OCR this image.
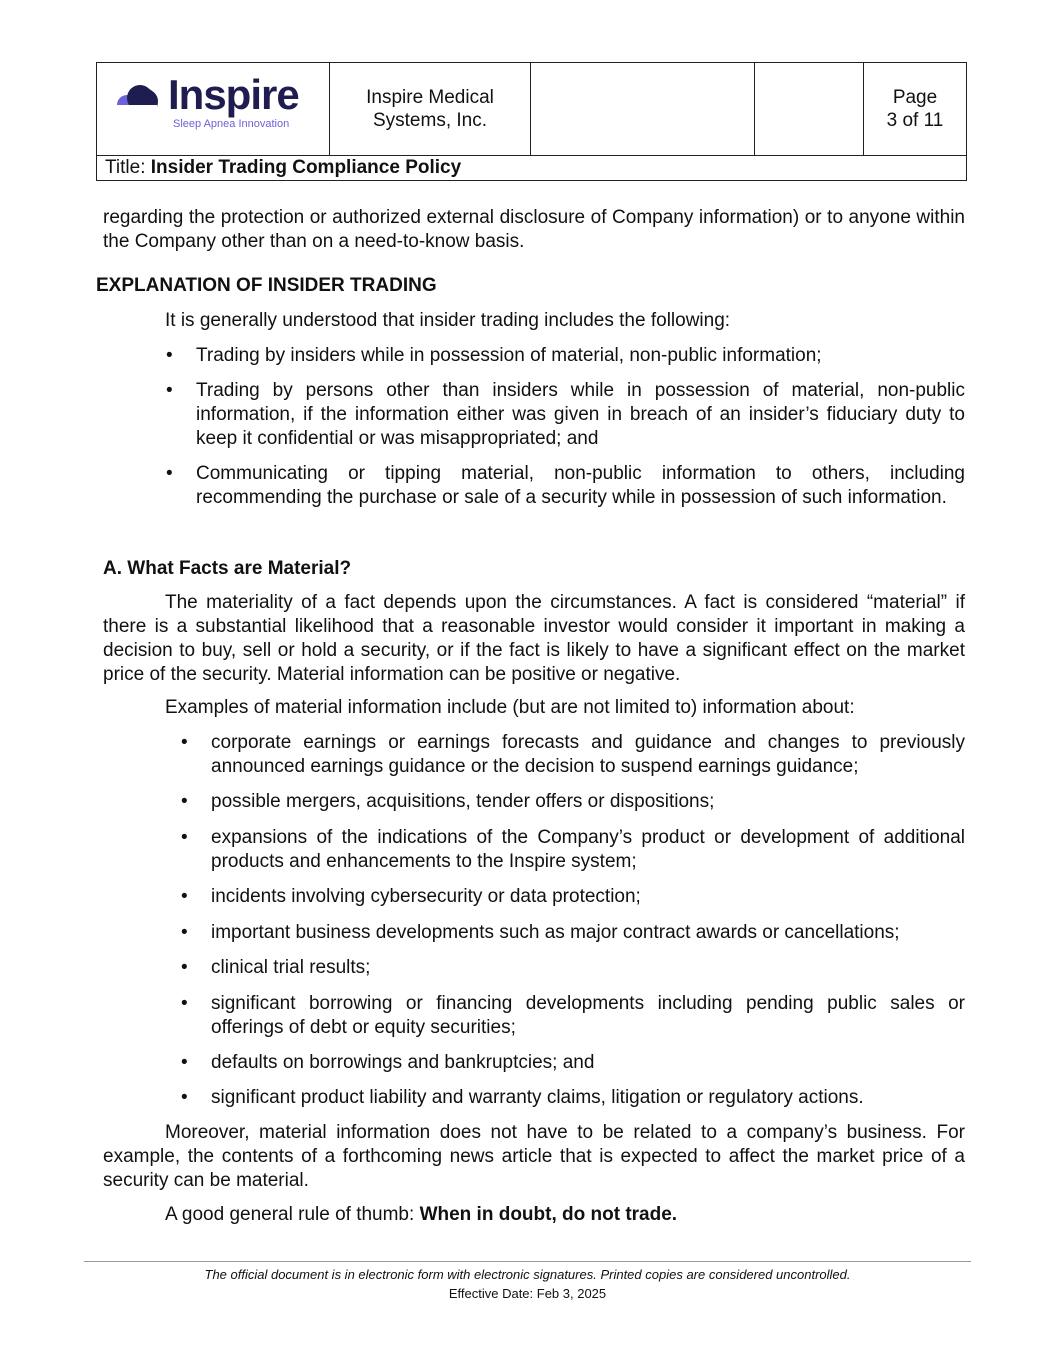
Inspire
Sleep Apnea Innovation

Inspire Medical
Systems, Inc.

Page
3 of 11

Title: Insider Trading Compliance Policy
regarding the protection or authorized external disclosure of Company information) or to anyone within the Company other than on a need-to-know basis.
EXPLANATION OF INSIDER TRADING
It is generally understood that insider trading includes the following:
• Trading by insiders while in possession of material, non-public information;
• Trading by persons other than insiders while in possession of material, non-public information, if the information either was given in breach of an insider’s fiduciary duty to keep it confidential or was misappropriated; and
• Communicating or tipping material, non-public information to others, including recommending the purchase or sale of a security while in possession of such information.
A. What Facts are Material?
The materiality of a fact depends upon the circumstances. A fact is considered “material” if there is a substantial likelihood that a reasonable investor would consider it important in making a decision to buy, sell or hold a security, or if the fact is likely to have a significant effect on the market price of the security. Material information can be positive or negative.
Examples of material information include (but are not limited to) information about:
• corporate earnings or earnings forecasts and guidance and changes to previously announced earnings guidance or the decision to suspend earnings guidance;
• possible mergers, acquisitions, tender offers or dispositions;
• expansions of the indications of the Company’s product or development of additional products and enhancements to the Inspire system;
• incidents involving cybersecurity or data protection;
• important business developments such as major contract awards or cancellations;
• clinical trial results;
• significant borrowing or financing developments including pending public sales or offerings of debt or equity securities;
• defaults on borrowings and bankruptcies; and
• significant product liability and warranty claims, litigation or regulatory actions.
Moreover, material information does not have to be related to a company’s business. For example, the contents of a forthcoming news article that is expected to affect the market price of a security can be material.
A good general rule of thumb: When in doubt, do not trade.
The official document is in electronic form with electronic signatures. Printed copies are considered uncontrolled.
Effective Date: Feb 3, 2025
